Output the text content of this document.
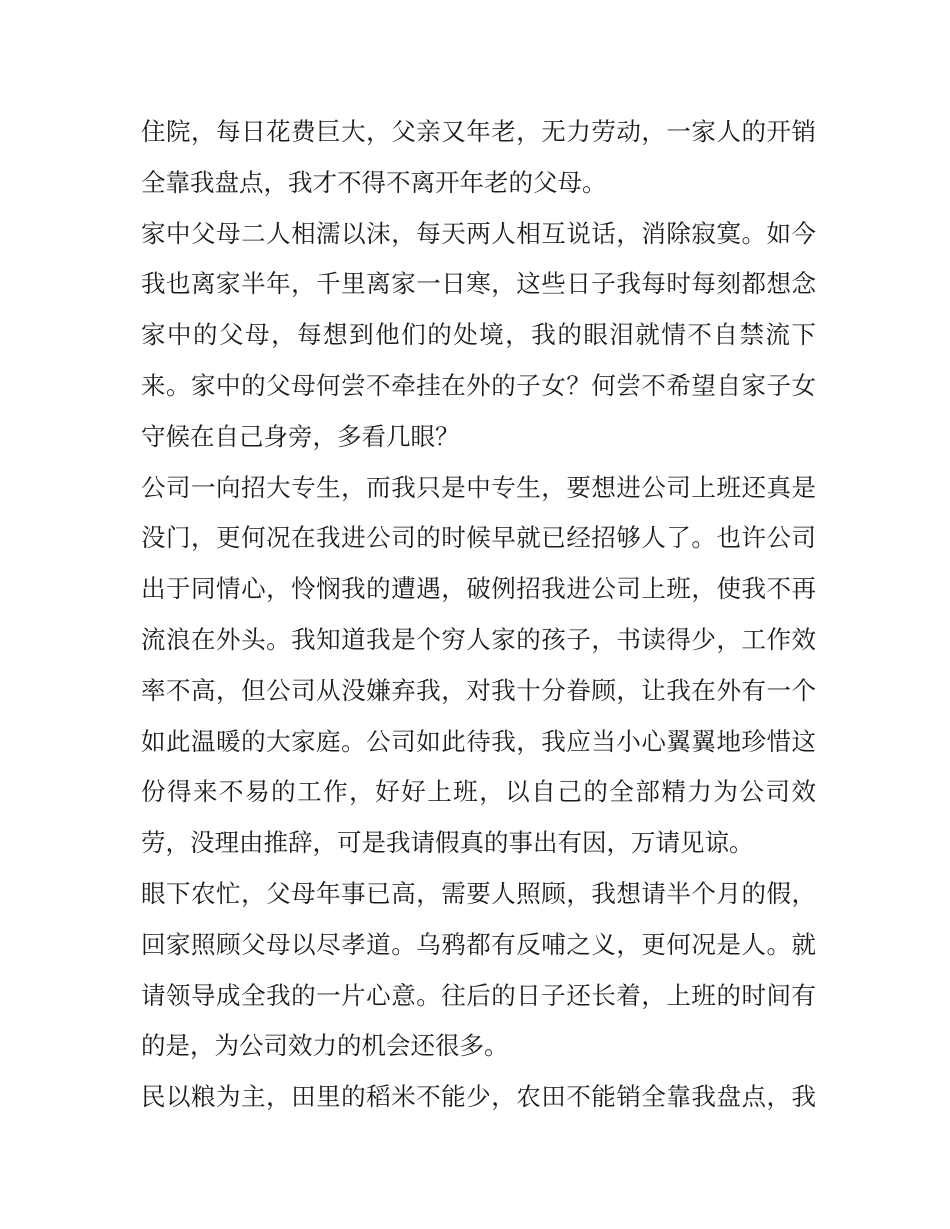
住院，每日花费巨大，父亲又年老，无力劳动，一家人的开销
全靠我盘点，我才不得不离开年老的父母。
家中父母二人相濡以沫，每天两人相互说话，消除寂寞。如今
我也离家半年，千里离家一日寒，这些日子我每时每刻都想念
家中的父母，每想到他们的处境，我的眼泪就情不自禁流下
来。家中的父母何尝不牵挂在外的子女？何尝不希望自家子女
守候在自己身旁，多看几眼？
公司一向招大专生，而我只是中专生，要想进公司上班还真是
没门，更何况在我进公司的时候早就已经招够人了。也许公司
出于同情心，怜悯我的遭遇，破例招我进公司上班，使我不再
流浪在外头。我知道我是个穷人家的孩子，书读得少，工作效
率不高，但公司从没嫌弃我，对我十分眷顾，让我在外有一个
如此温暖的大家庭。公司如此待我，我应当小心翼翼地珍惜这
份得来不易的工作，好好上班，以自己的全部精力为公司效
劳，没理由推辞，可是我请假真的事出有因，万请见谅。
眼下农忙，父母年事已高，需要人照顾，我想请半个月的假，
回家照顾父母以尽孝道。乌鸦都有反哺之义，更何况是人。就
请领导成全我的一片心意。往后的日子还长着，上班的时间有
的是，为公司效力的机会还很多。
民以粮为主，田里的稻米不能少，农田不能销全靠我盘点，我
